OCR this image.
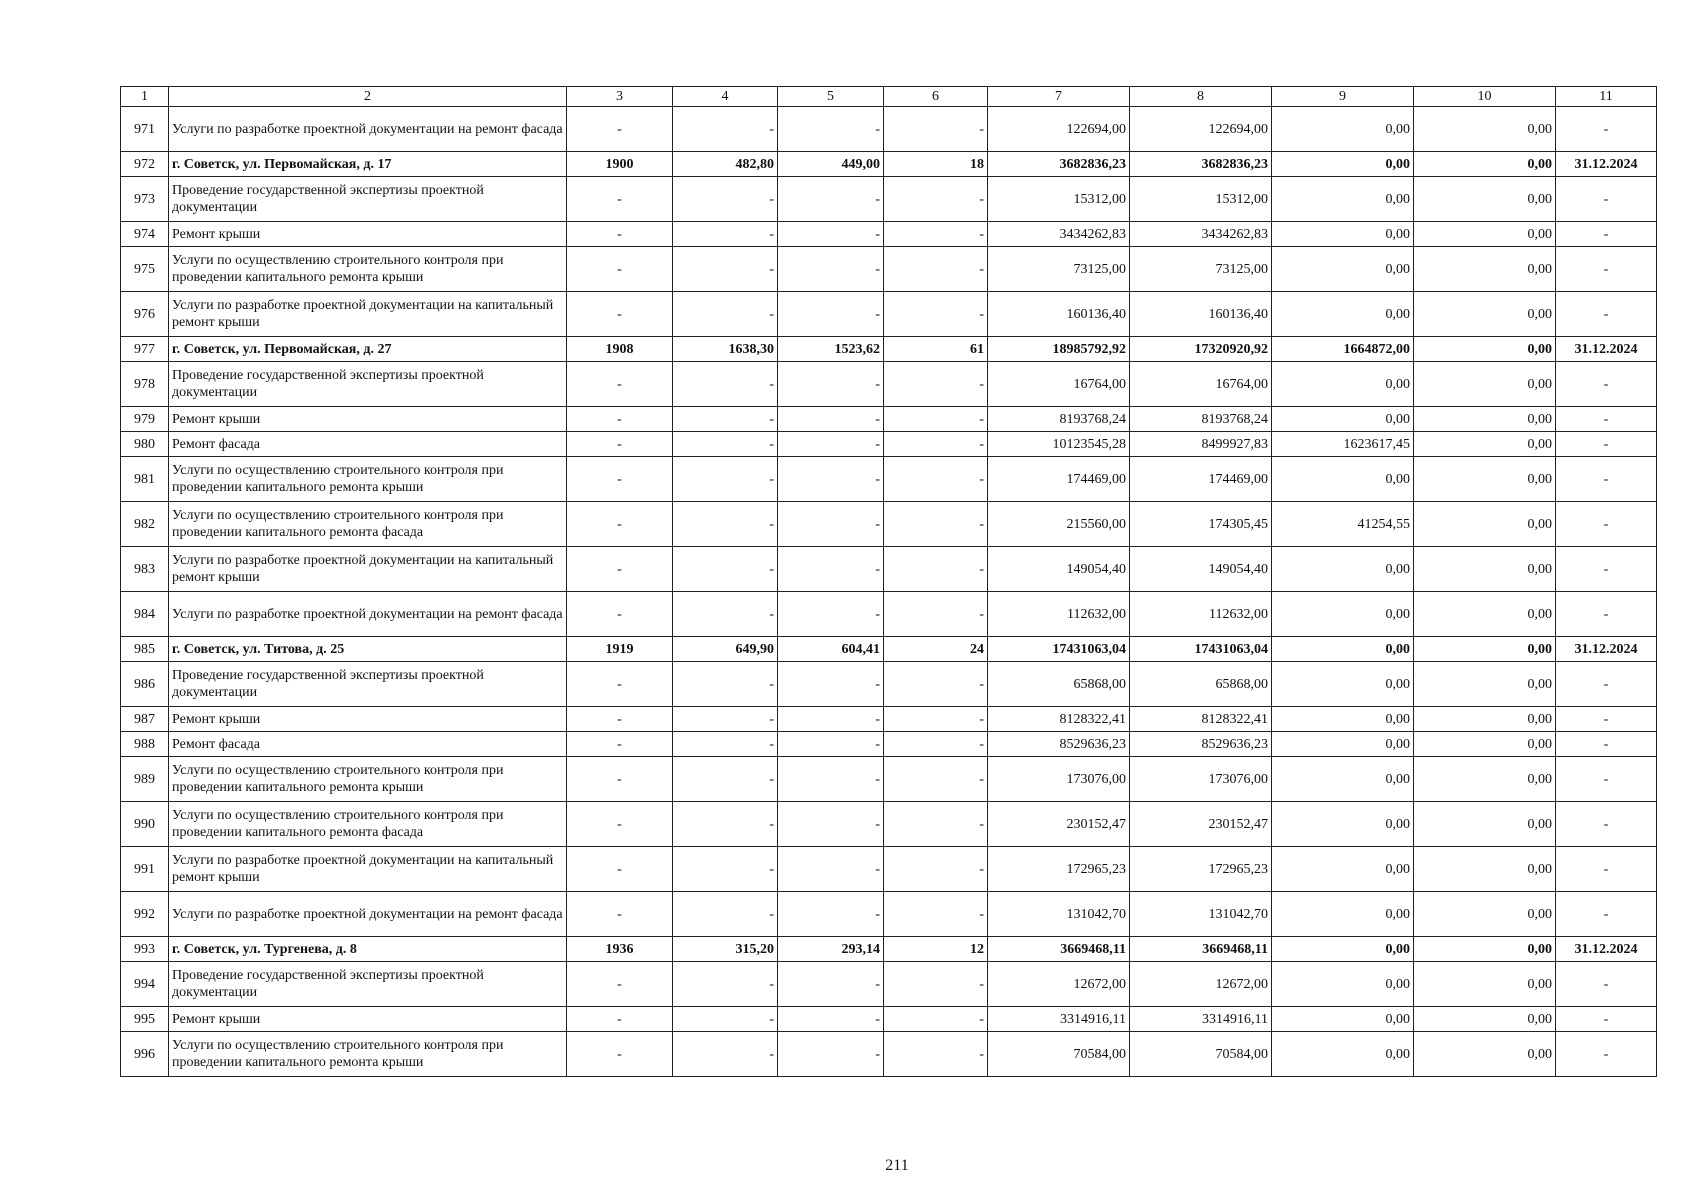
1	2	3	4	5	6	7	8	9	10	11
971	Услуги по разработке проектной документации на ремонт фасада	-	-	-	-	122694,00	122694,00	0,00	0,00	-
972	г. Советск, ул. Первомайская, д. 17	1900	482,80	449,00	18	3682836,23	3682836,23	0,00	0,00	31.12.2024
973	Проведение государственной экспертизы проектной документации	-	-	-	-	15312,00	15312,00	0,00	0,00	-
974	Ремонт крыши	-	-	-	-	3434262,83	3434262,83	0,00	0,00	-
975	Услуги по осуществлению строительного контроля при проведении капитального ремонта крыши	-	-	-	-	73125,00	73125,00	0,00	0,00	-
976	Услуги по разработке проектной документации на капитальный ремонт крыши	-	-	-	-	160136,40	160136,40	0,00	0,00	-
977	г. Советск, ул. Первомайская, д. 27	1908	1638,30	1523,62	61	18985792,92	17320920,92	1664872,00	0,00	31.12.2024
978	Проведение государственной экспертизы проектной документации	-	-	-	-	16764,00	16764,00	0,00	0,00	-
979	Ремонт крыши	-	-	-	-	8193768,24	8193768,24	0,00	0,00	-
980	Ремонт фасада	-	-	-	-	10123545,28	8499927,83	1623617,45	0,00	-
981	Услуги по осуществлению строительного контроля при проведении капитального ремонта крыши	-	-	-	-	174469,00	174469,00	0,00	0,00	-
982	Услуги по осуществлению строительного контроля при проведении капитального ремонта фасада	-	-	-	-	215560,00	174305,45	41254,55	0,00	-
983	Услуги по разработке проектной документации на капитальный ремонт крыши	-	-	-	-	149054,40	149054,40	0,00	0,00	-
984	Услуги по разработке проектной документации на ремонт фасада	-	-	-	-	112632,00	112632,00	0,00	0,00	-
985	г. Советск, ул. Титова, д. 25	1919	649,90	604,41	24	17431063,04	17431063,04	0,00	0,00	31.12.2024
986	Проведение государственной экспертизы проектной документации	-	-	-	-	65868,00	65868,00	0,00	0,00	-
987	Ремонт крыши	-	-	-	-	8128322,41	8128322,41	0,00	0,00	-
988	Ремонт фасада	-	-	-	-	8529636,23	8529636,23	0,00	0,00	-
989	Услуги по осуществлению строительного контроля при проведении капитального ремонта крыши	-	-	-	-	173076,00	173076,00	0,00	0,00	-
990	Услуги по осуществлению строительного контроля при проведении капитального ремонта фасада	-	-	-	-	230152,47	230152,47	0,00	0,00	-
991	Услуги по разработке проектной документации на капитальный ремонт крыши	-	-	-	-	172965,23	172965,23	0,00	0,00	-
992	Услуги по разработке проектной документации на ремонт фасада	-	-	-	-	131042,70	131042,70	0,00	0,00	-
993	г. Советск, ул. Тургенева, д. 8	1936	315,20	293,14	12	3669468,11	3669468,11	0,00	0,00	31.12.2024
994	Проведение государственной экспертизы проектной документации	-	-	-	-	12672,00	12672,00	0,00	0,00	-
995	Ремонт крыши	-	-	-	-	3314916,11	3314916,11	0,00	0,00	-
996	Услуги по осуществлению строительного контроля при проведении капитального ремонта крыши	-	-	-	-	70584,00	70584,00	0,00	0,00	-
211
